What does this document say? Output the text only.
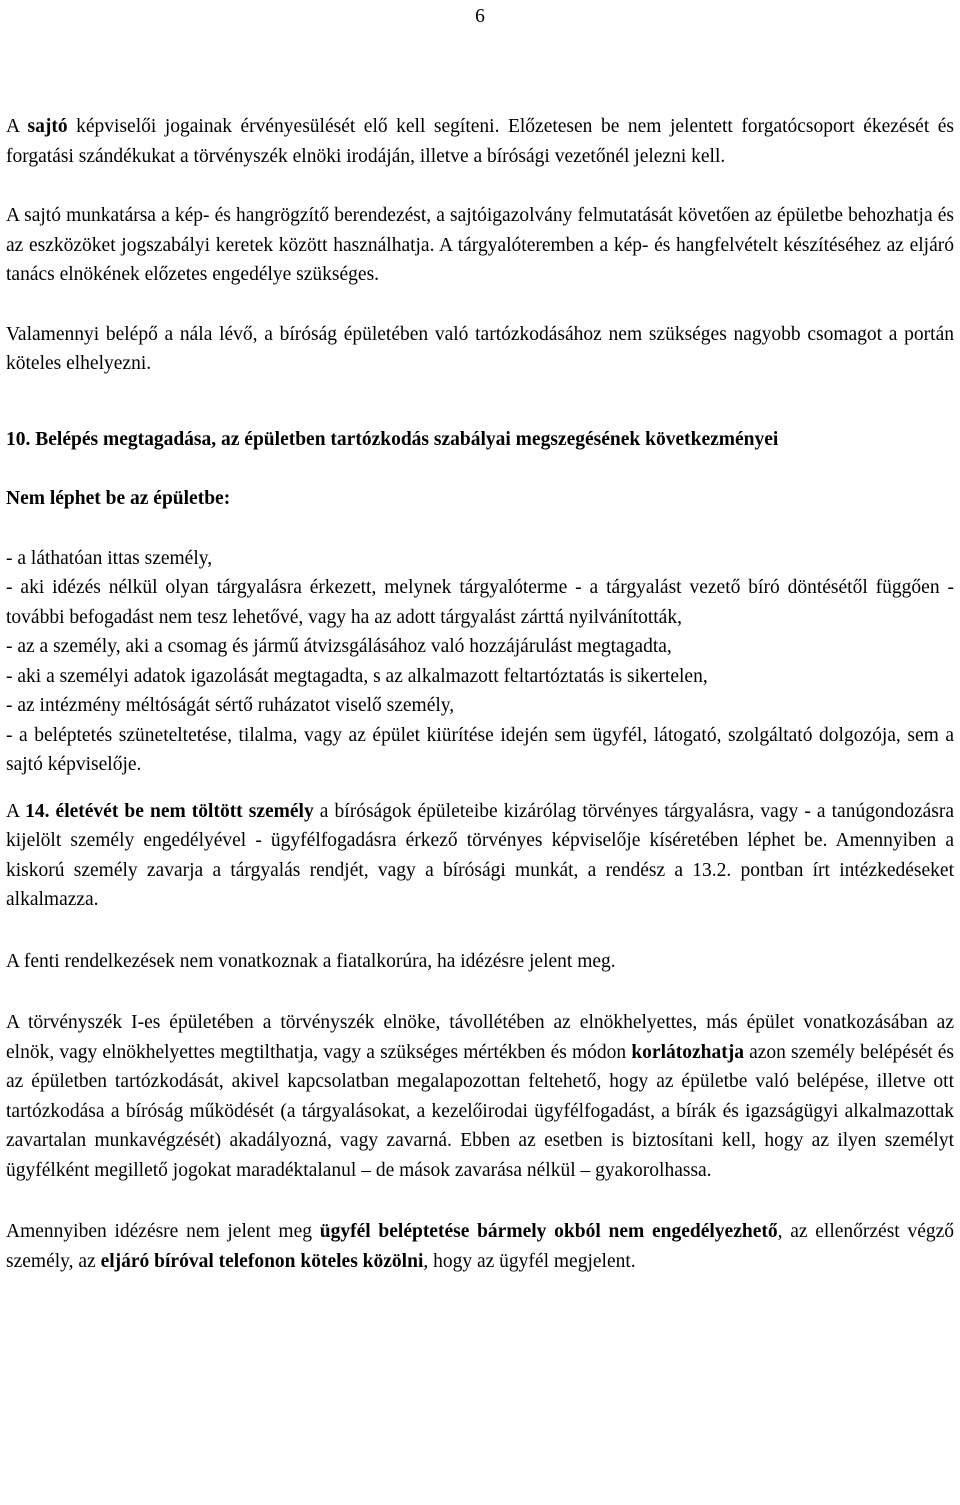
6

A sajtó képviselői jogainak érvényesülését elő kell segíteni. Előzetesen be nem jelentett forgatócsoport ékezését és forgatási szándékukat a törvényszék elnöki irodáján, illetve a bírósági vezetőnél jelezni kell.

A sajtó munkatársa a kép- és hangrögzítő berendezést, a sajtóigazolvány felmutatását követően az épületbe behozhatja és az eszközöket jogszabályi keretek között használhatja. A tárgyalóteremben a kép- és hangfelvételt készítéséhez az eljáró tanács elnökének előzetes engedélye szükséges.

Valamennyi belépő a nála lévő, a bíróság épületében való tartózkodásához nem szükséges nagyobb csomagot a portán köteles elhelyezni.

10. Belépés megtagadása, az épületben tartózkodás szabályai megszegésének következményei

Nem léphet be az épületbe:

- a láthatóan ittas személy,

- aki idézés nélkül olyan tárgyalásra érkezett, melynek tárgyalóterme - a tárgyalást vezető bíró döntésétől függően - további befogadást nem tesz lehetővé, vagy ha az adott tárgyalást zárttá nyilvánították,

- az a személy, aki a csomag és jármű átvizsgálásához való hozzájárulást megtagadta,

- aki a személyi adatok igazolását megtagadta, s az alkalmazott feltartóztatás is sikertelen,

- az intézmény méltóságát sértő ruházatot viselő személy,

- a beléptetés szüneteltetése, tilalma, vagy az épület kiürítése idején sem ügyfél, látogató, szolgáltató dolgozója, sem a sajtó képviselője.

A 14. életévét be nem töltött személy a bíróságok épületeibe kizárólag törvényes tárgyalásra, vagy - a tanúgondozásra kijelölt személy engedélyével - ügyfélfogadásra érkező törvényes képviselője kíséretében léphet be. Amennyiben a kiskorú személy zavarja a tárgyalás rendjét, vagy a bírósági munkát, a rendész a 13.2. pontban írt intézkedéseket alkalmazza.

A fenti rendelkezések nem vonatkoznak a fiatalkorúra, ha idézésre jelent meg.

A törvényszék I-es épületében a törvényszék elnöke, távollétében az elnökhelyettes, más épület vonatkozásában az elnök, vagy elnökhelyettes megtilthatja, vagy a szükséges mértékben és módon korlátozhatja azon személy belépését és az épületben tartózkodását, akivel kapcsolatban megalapozottan feltehető, hogy az épületbe való belépése, illetve ott tartózkodása a bíróság működését (a tárgyalásokat, a kezelőirodai ügyfélfogadást, a bírák és igazságügyi alkalmazottak zavartalan munkavégzését) akadályozná, vagy zavarná. Ebben az esetben is biztosítani kell, hogy az ilyen személyt ügyfélként megillető jogokat maradéktalanul – de mások zavarása nélkül – gyakorolhassa.

Amennyiben idézésre nem jelent meg ügyfél beléptetése bármely okból nem engedélyezhető, az ellenőrzést végző személy, az eljáró bíróval telefonon köteles közölni, hogy az ügyfél megjelent.
